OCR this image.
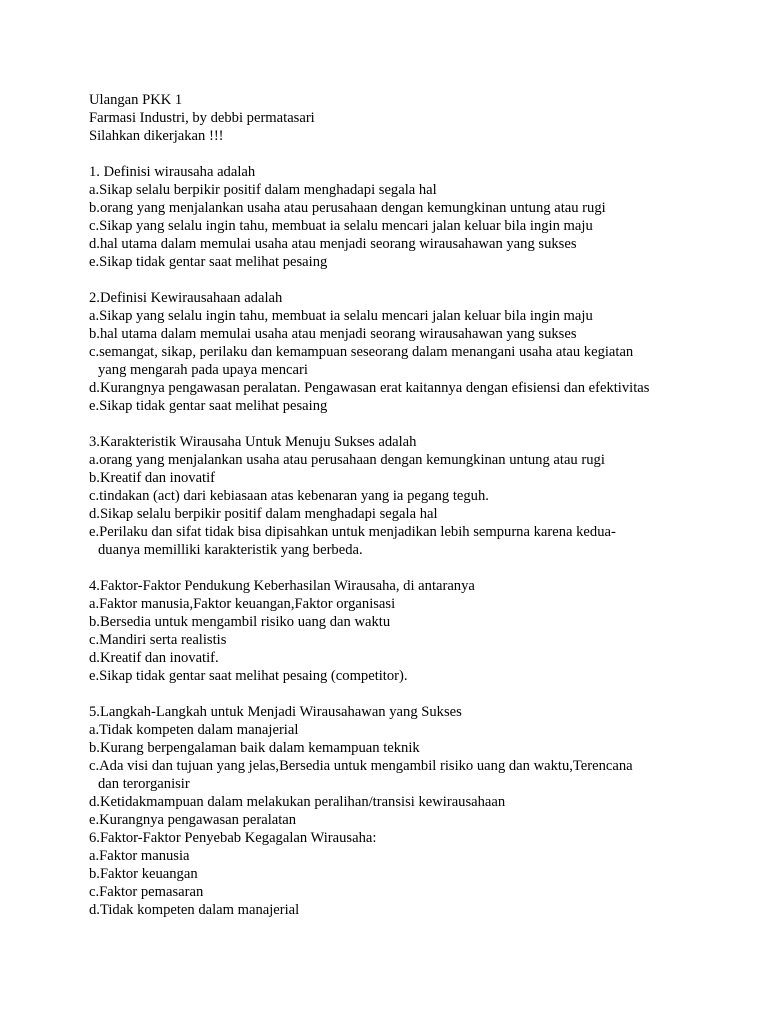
Ulangan PKK 1
Farmasi Industri, by debbi permatasari
Silahkan dikerjakan !!!
1. Definisi wirausaha adalah
a.Sikap selalu berpikir positif dalam menghadapi segala hal
b.orang yang menjalankan usaha atau perusahaan dengan kemungkinan untung atau rugi
c.Sikap yang selalu ingin tahu, membuat ia selalu mencari jalan keluar bila ingin maju
d.hal utama dalam memulai usaha atau menjadi seorang wirausahawan yang sukses
e.Sikap tidak gentar saat melihat pesaing
2.Definisi Kewirausahaan adalah
a.Sikap yang selalu ingin tahu, membuat ia selalu mencari jalan keluar bila ingin maju
b.hal utama dalam memulai usaha atau menjadi seorang wirausahawan yang sukses
c.semangat, sikap, perilaku dan kemampuan seseorang dalam menangani usaha atau kegiatan
yang mengarah pada upaya mencari
d.Kurangnya pengawasan peralatan. Pengawasan erat kaitannya dengan efisiensi dan efektivitas
e.Sikap tidak gentar saat melihat pesaing
3.Karakteristik Wirausaha Untuk Menuju Sukses adalah
a.orang yang menjalankan usaha atau perusahaan dengan kemungkinan untung atau rugi
b.Kreatif dan inovatif
c.tindakan (act) dari kebiasaan atas kebenaran yang ia pegang teguh.
d.Sikap selalu berpikir positif dalam menghadapi segala hal
e.Perilaku dan sifat tidak bisa dipisahkan untuk menjadikan lebih sempurna karena kedua-
duanya memilliki karakteristik yang berbeda.
4.Faktor-Faktor Pendukung Keberhasilan Wirausaha, di antaranya
a.Faktor manusia,Faktor keuangan,Faktor organisasi
b.Bersedia untuk mengambil risiko uang dan waktu
c.Mandiri serta realistis
d.Kreatif dan inovatif.
e.Sikap tidak gentar saat melihat pesaing (competitor).
5.Langkah-Langkah untuk Menjadi Wirausahawan yang Sukses
a.Tidak kompeten dalam manajerial
b.Kurang berpengalaman baik dalam kemampuan teknik
c.Ada visi dan tujuan yang jelas,Bersedia untuk mengambil risiko uang dan waktu,Terencana
dan terorganisir
d.Ketidakmampuan dalam melakukan peralihan/transisi kewirausahaan
e.Kurangnya pengawasan peralatan
6.Faktor-Faktor Penyebab Kegagalan Wirausaha:
a.Faktor manusia
b.Faktor keuangan
c.Faktor pemasaran
d.Tidak kompeten dalam manajerial
